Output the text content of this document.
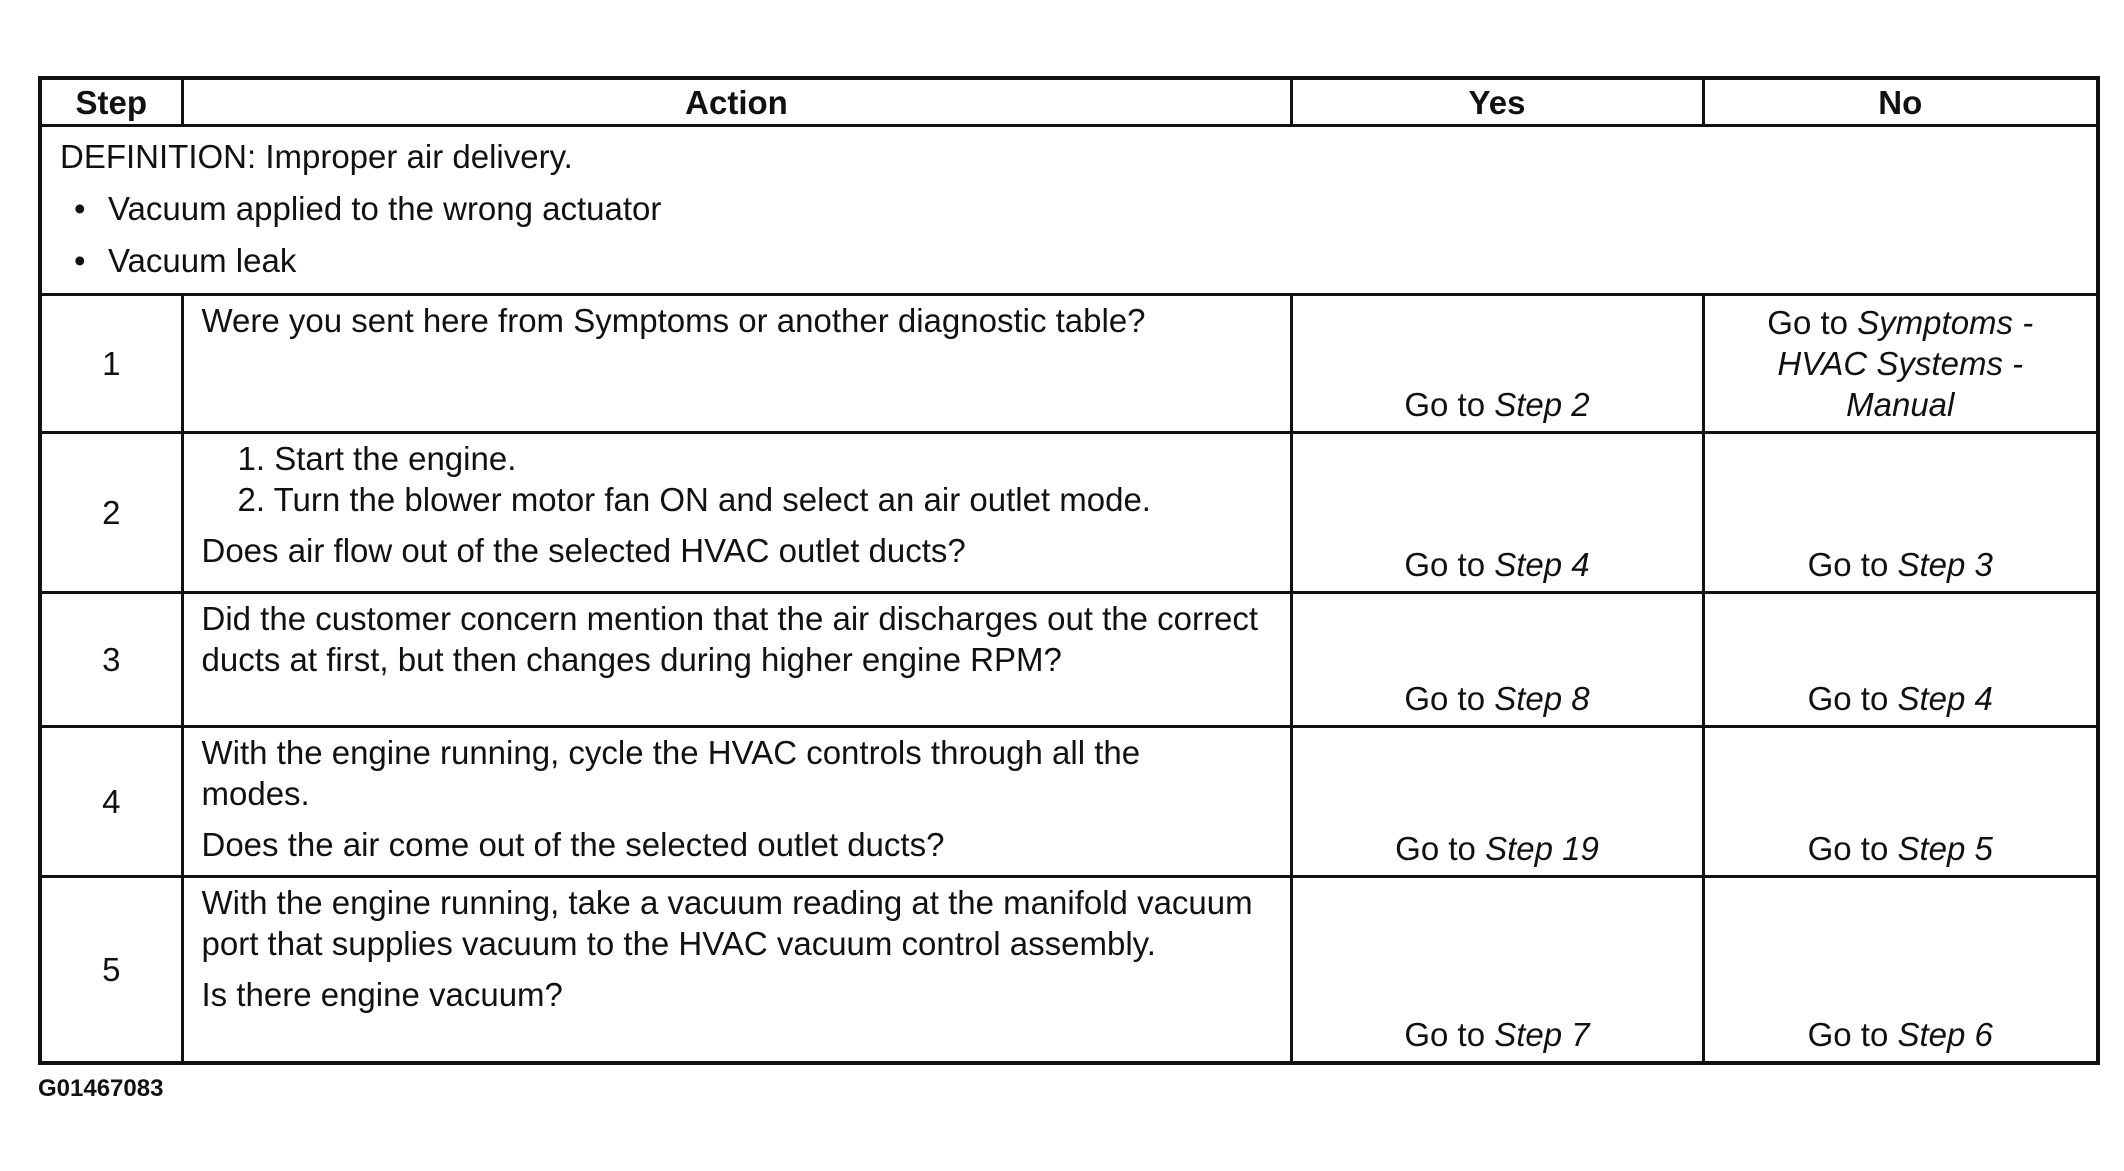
Step	Action	Yes	No

DEFINITION: Improper air delivery.

• Vacuum applied to the wrong actuator

• Vacuum leak

1	Were you sent here from Symptoms or another diagnostic table?	Go to Step 2	Go to Symptoms -
HVAC Systems -
Manual

2	1. Start the engine.

2. Turn the blower motor fan ON and select an air outlet mode.

Does air flow out of the selected HVAC outlet ducts?	Go to Step 4	Go to Step 3
3	Did the customer concern mention that the air discharges out the correct ducts at first, but then changes during higher engine RPM?	Go to Step 8	Go to Step 4
4	With the engine running, cycle the HVAC controls through all the modes.

Does the air come out of the selected outlet ducts?	Go to Step 19	Go to Step 5
5	With the engine running, take a vacuum reading at the manifold vacuum port that supplies vacuum to the HVAC vacuum control assembly.

Is there engine vacuum?	Go to Step 7	Go to Step 6
G01467083
